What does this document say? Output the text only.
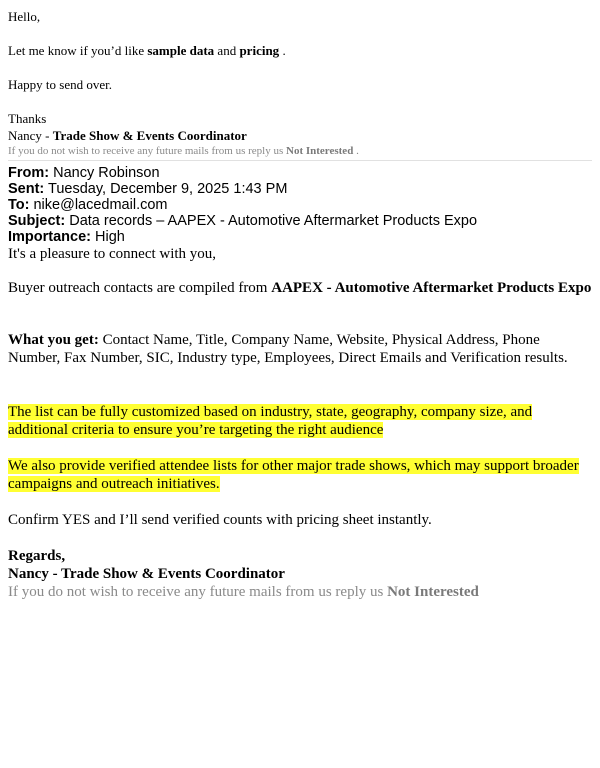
Hello,
Let me know if you’d like sample data and pricing .
Happy to send over.
Thanks
Nancy - Trade Show & Events Coordinator
If you do not wish to receive any future mails from us reply us Not Interested .
From: Nancy Robinson
Sent: Tuesday, December 9, 2025 1:43 PM
To: nike@lacedmail.com
Subject: Data records – AAPEX - Automotive Aftermarket Products Expo
Importance: High
It's a pleasure to connect with you,
Buyer outreach contacts are compiled from AAPEX - Automotive Aftermarket Products Expo
What you get: Contact Name, Title, Company Name, Website, Physical Address, Phone Number, Fax Number, SIC, Industry type, Employees, Direct Emails and Verification results.
The list can be fully customized based on industry, state, geography, company size, and additional criteria to ensure you’re targeting the right audience
We also provide verified attendee lists for other major trade shows, which may support broader campaigns and outreach initiatives.
Confirm YES and I’ll send verified counts with pricing sheet instantly.
Regards,
Nancy - Trade Show & Events Coordinator
If you do not wish to receive any future mails from us reply us Not Interested
